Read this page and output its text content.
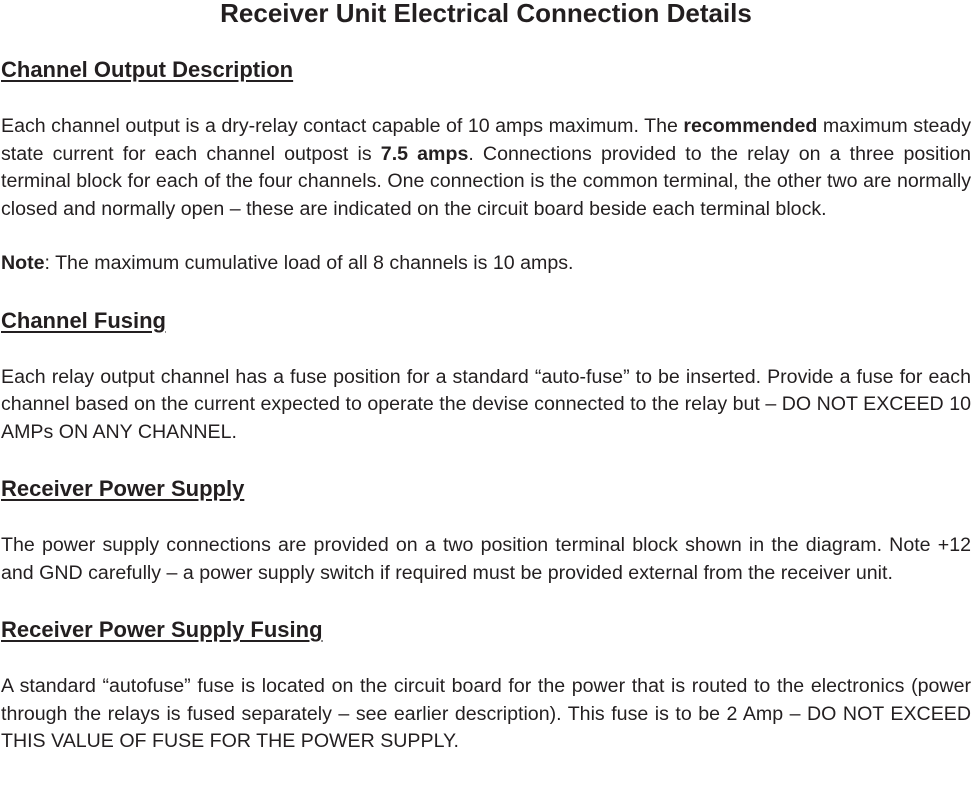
Receiver Unit Electrical Connection Details
Channel Output Description

Each channel output is a dry-relay contact capable of 10 amps maximum. The recommended maximum steady state current for each channel outpost is 7.5 amps. Connections provided to the relay on a three position terminal block for each of the four channels. One connection is the common terminal, the other two are normally closed and normally open – these are indicated on the circuit board beside each terminal block.

Note: The maximum cumulative load of all 8 channels is 10 amps.

Channel Fusing

Each relay output channel has a fuse position for a standard “auto-fuse” to be inserted. Provide a fuse for each channel based on the current expected to operate the devise connected to the relay but – DO NOT EXCEED 10 AMPs ON ANY CHANNEL.

Receiver Power Supply

The power supply connections are provided on a two position terminal block shown in the diagram. Note +12 and GND carefully – a power supply switch if required must be provided external from the receiver unit.

Receiver Power Supply Fusing

A standard “autofuse” fuse is located on the circuit board for the power that is routed to the electronics (power through the relays is fused separately – see earlier description). This fuse is to be 2 Amp – DO NOT EXCEED THIS VALUE OF FUSE FOR THE POWER SUPPLY.
